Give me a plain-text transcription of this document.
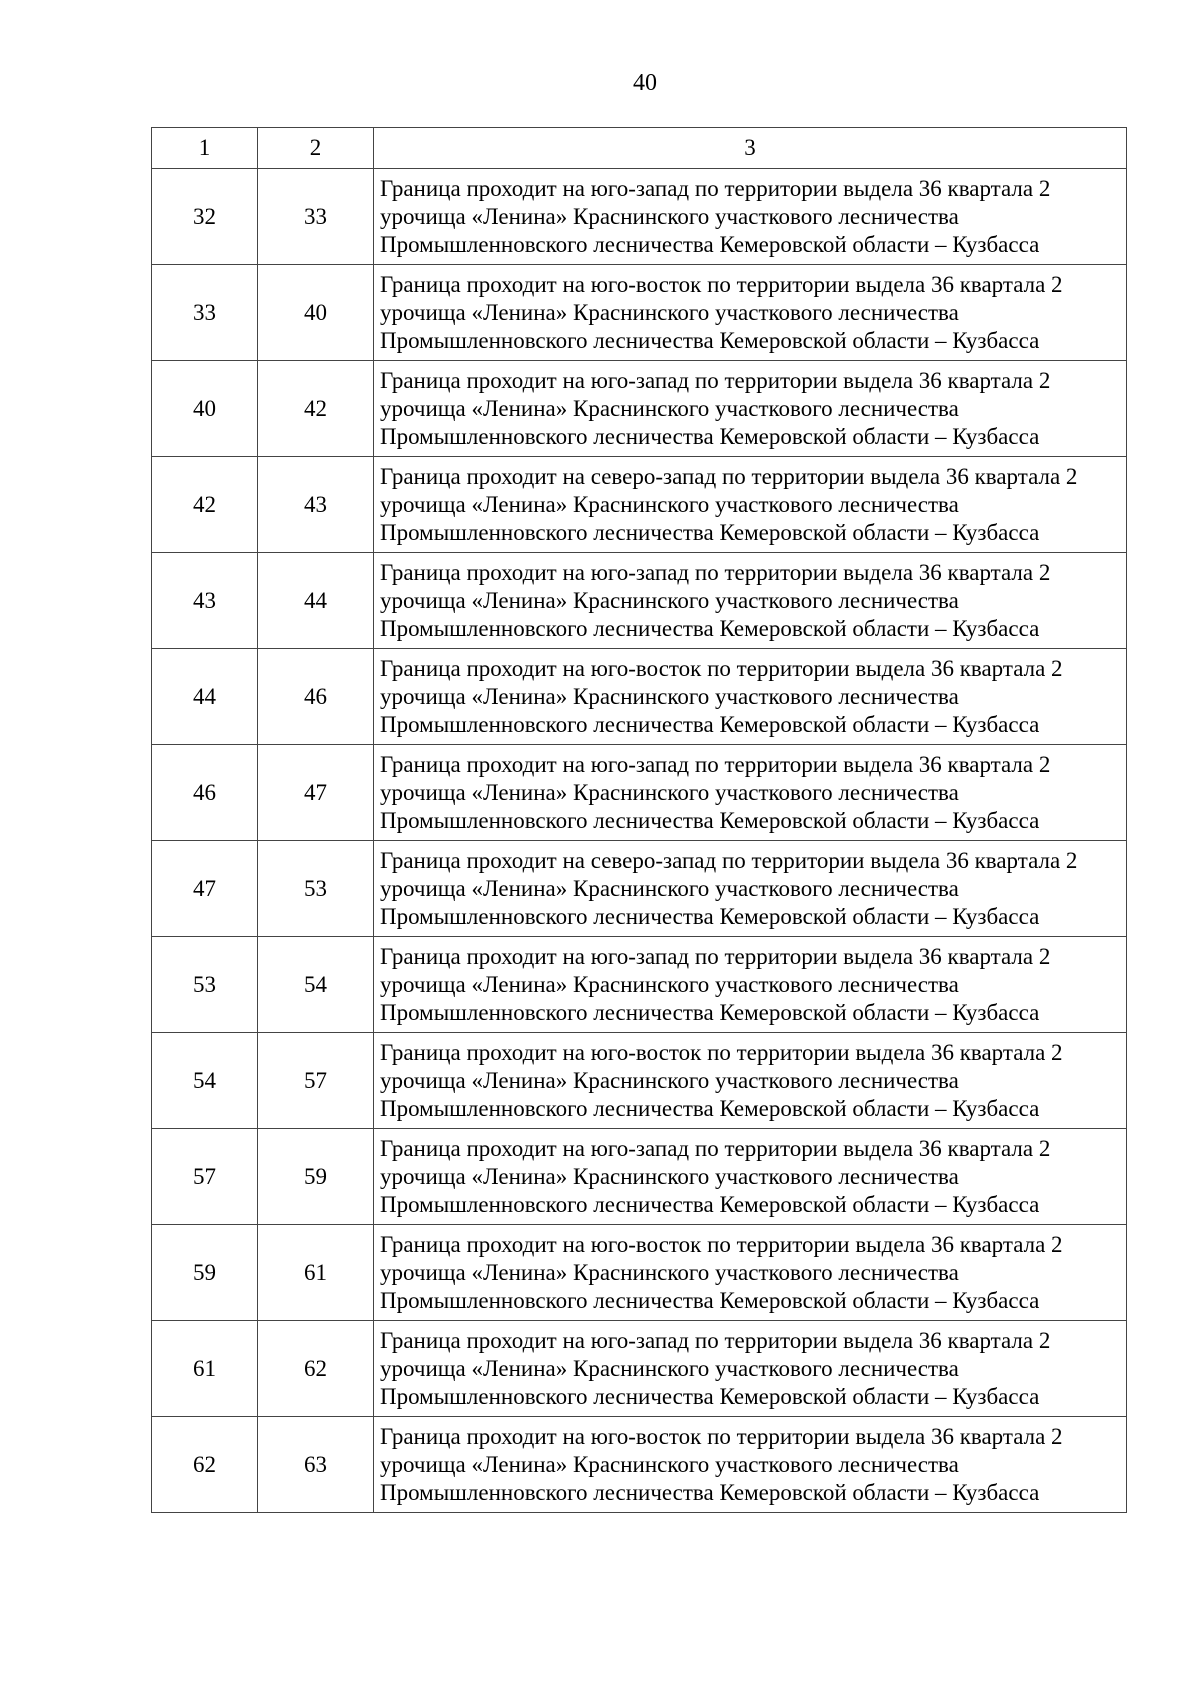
40
1	2	3
32	33	Граница проходит на юго-запад по территории выдела 36 квартала 2
урочища «Ленина» Краснинского участкового лесничества
Промышленновского лесничества Кемеровской области – Кузбасса
33	40	Граница проходит на юго-восток по территории выдела 36 квартала 2
урочища «Ленина» Краснинского участкового лесничества
Промышленновского лесничества Кемеровской области – Кузбасса
40	42	Граница проходит на юго-запад по территории выдела 36 квартала 2
урочища «Ленина» Краснинского участкового лесничества
Промышленновского лесничества Кемеровской области – Кузбасса
42	43	Граница проходит на северо-запад по территории выдела 36 квартала 2
урочища «Ленина» Краснинского участкового лесничества
Промышленновского лесничества Кемеровской области – Кузбасса
43	44	Граница проходит на юго-запад по территории выдела 36 квартала 2
урочища «Ленина» Краснинского участкового лесничества
Промышленновского лесничества Кемеровской области – Кузбасса
44	46	Граница проходит на юго-восток по территории выдела 36 квартала 2
урочища «Ленина» Краснинского участкового лесничества
Промышленновского лесничества Кемеровской области – Кузбасса
46	47	Граница проходит на юго-запад по территории выдела 36 квартала 2
урочища «Ленина» Краснинского участкового лесничества
Промышленновского лесничества Кемеровской области – Кузбасса
47	53	Граница проходит на северо-запад по территории выдела 36 квартала 2
урочища «Ленина» Краснинского участкового лесничества
Промышленновского лесничества Кемеровской области – Кузбасса
53	54	Граница проходит на юго-запад по территории выдела 36 квартала 2
урочища «Ленина» Краснинского участкового лесничества
Промышленновского лесничества Кемеровской области – Кузбасса
54	57	Граница проходит на юго-восток по территории выдела 36 квартала 2
урочища «Ленина» Краснинского участкового лесничества
Промышленновского лесничества Кемеровской области – Кузбасса
57	59	Граница проходит на юго-запад по территории выдела 36 квартала 2
урочища «Ленина» Краснинского участкового лесничества
Промышленновского лесничества Кемеровской области – Кузбасса
59	61	Граница проходит на юго-восток по территории выдела 36 квартала 2
урочища «Ленина» Краснинского участкового лесничества
Промышленновского лесничества Кемеровской области – Кузбасса
61	62	Граница проходит на юго-запад по территории выдела 36 квартала 2
урочища «Ленина» Краснинского участкового лесничества
Промышленновского лесничества Кемеровской области – Кузбасса
62	63	Граница проходит на юго-восток по территории выдела 36 квартала 2
урочища «Ленина» Краснинского участкового лесничества
Промышленновского лесничества Кемеровской области – Кузбасса
